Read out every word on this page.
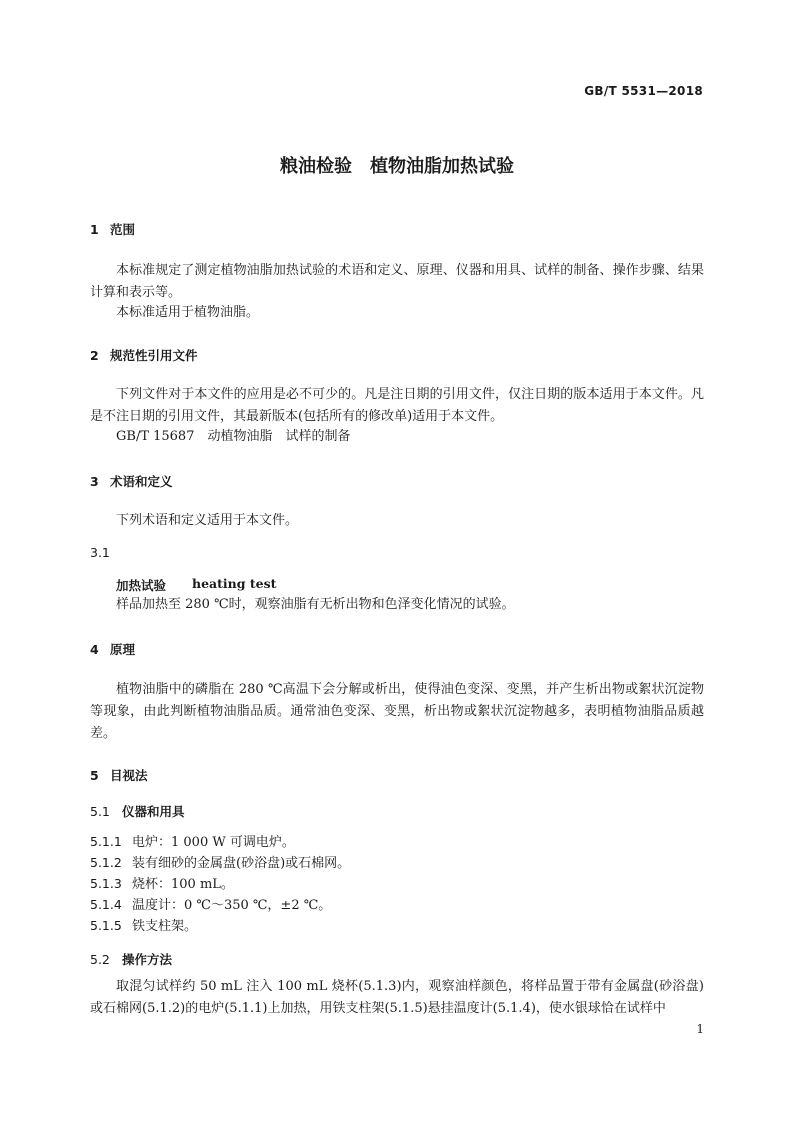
GB/T 5531—2018
粮油检验　植物油脂加热试验
1 范围
本标准规定了测定植物油脂加热试验的术语和定义、原理、仪器和用具、试样的制备、操作步骤、结果计算和表示等。
本标准适用于植物油脂。
2 规范性引用文件
下列文件对于本文件的应用是必不可少的。凡是注日期的引用文件，仅注日期的版本适用于本文件。凡是不注日期的引用文件，其最新版本(包括所有的修改单)适用于本文件。
GB/T 15687　动植物油脂　试样的制备
3 术语和定义
下列术语和定义适用于本文件。
3.1
加热试验 heating test
样品加热至 280 ℃时，观察油脂有无析出物和色泽变化情况的试验。
4 原理
植物油脂中的磷脂在 280 ℃高温下会分解或析出，使得油色变深、变黑，并产生析出物或絮状沉淀物等现象，由此判断植物油脂品质。通常油色变深、变黑，析出物或絮状沉淀物越多，表明植物油脂品质越差。
5 目视法
5.1 仪器和用具
5.1.1 电炉：1 000 W 可调电炉。
5.1.2 装有细砂的金属盘(砂浴盘)或石棉网。
5.1.3 烧杯：100 mL。
5.1.4 温度计：0 ℃～350 ℃，±2 ℃。
5.1.5 铁支柱架。
5.2 操作方法
取混匀试样约 50 mL 注入 100 mL 烧杯(5.1.3)内，观察油样颜色，将样品置于带有金属盘(砂浴盘)或石棉网(5.1.2)的电炉(5.1.1)上加热，用铁支柱架(5.1.5)悬挂温度计(5.1.4)，使水银球恰在试样中
1
